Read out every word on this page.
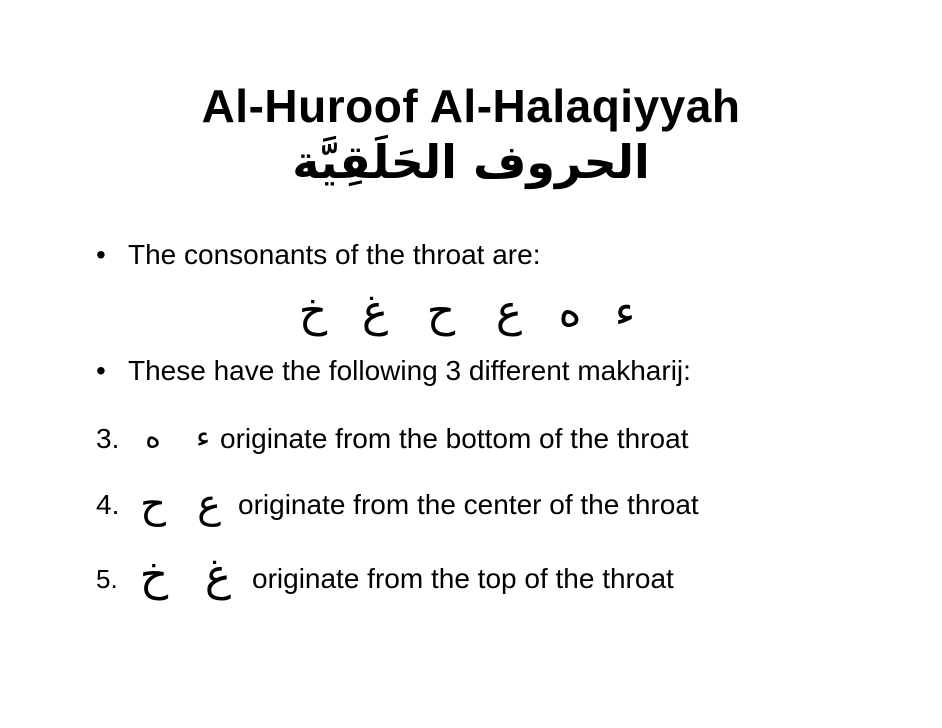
Al-Huroof Al-Halaqiyyah
الحروف الحَلَقِيَّة
• The consonants of the throat are:
ء
ه
ع
ح
غ
خ
• These have the following 3 different makharij:
3. ه ء originate from the bottom of the throat
4. ح ع originate from the center of the throat
5. خ غ originate from the top of the throat
